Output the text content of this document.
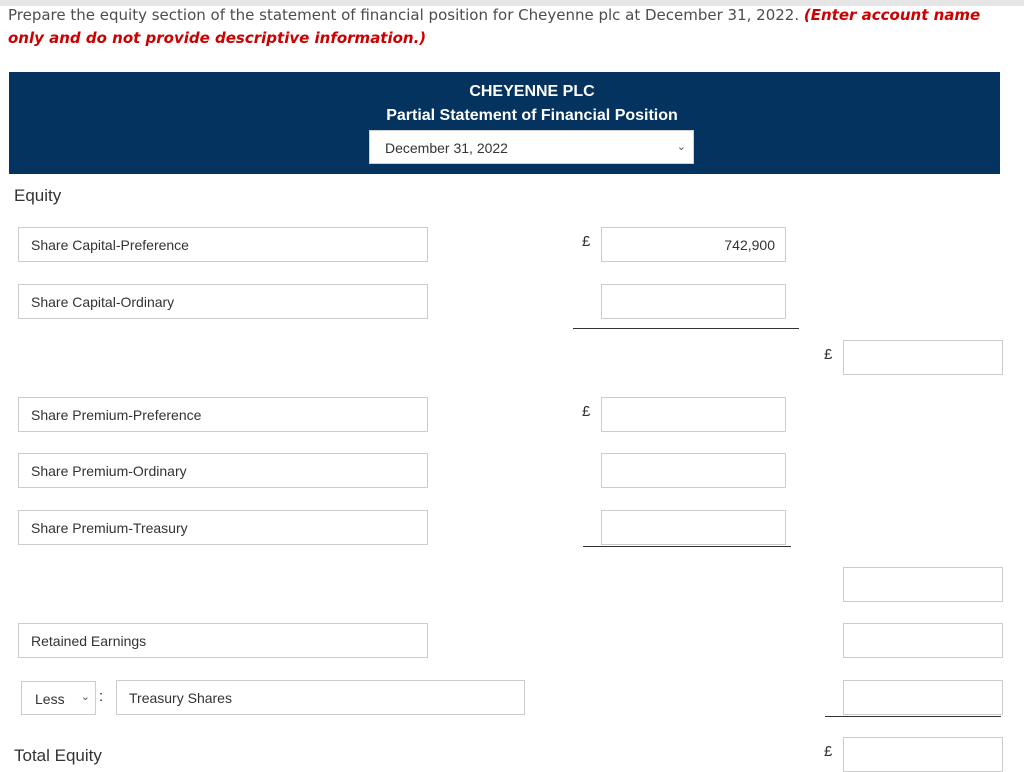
Prepare the equity section of the statement of financial position for Cheyenne plc at December 31, 2022. (Enter account name only and do not provide descriptive information.)
CHEYENNE PLC
Partial Statement of Financial Position
December 31, 2022	⌄
Equity
Share Capital-Preference	£	742,900
Share Capital-Ordinary
£
Share Premium-Preference	£
Share Premium-Ordinary
Share Premium-Treasury
Retained Earnings
Less ⌄ :	Treasury Shares
Total Equity	£
